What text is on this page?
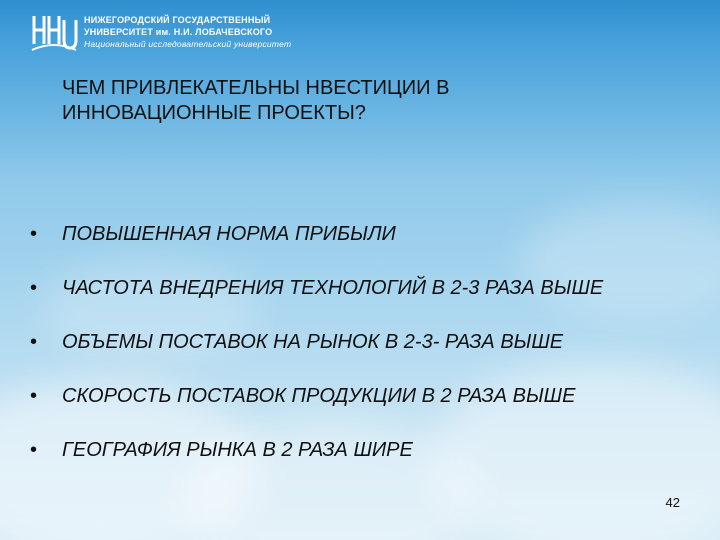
НИЖЕГОРОДСКИЙ ГОСУДАРСТВЕННЫЙ
УНИВЕРСИТЕТ им. Н.И. ЛОБАЧЕВСКОГО
Национальный исследовательский университет
ЧЕМ ПРИВЛЕКАТЕЛЬНЫ НВЕСТИЦИИ В
ИННОВАЦИОННЫЕ ПРОЕКТЫ?
• ПОВЫШЕННАЯ НОРМА ПРИБЫЛИ
• ЧАСТОТА ВНЕДРЕНИЯ ТЕХНОЛОГИЙ В 2-3 РАЗА ВЫШЕ
• ОБЪЕМЫ ПОСТАВОК НА РЫНОК В 2-3- РАЗА ВЫШЕ
• СКОРОСТЬ ПОСТАВОК ПРОДУКЦИИ В 2 РАЗА ВЫШЕ
• ГЕОГРАФИЯ РЫНКА В 2 РАЗА ШИРЕ
42
